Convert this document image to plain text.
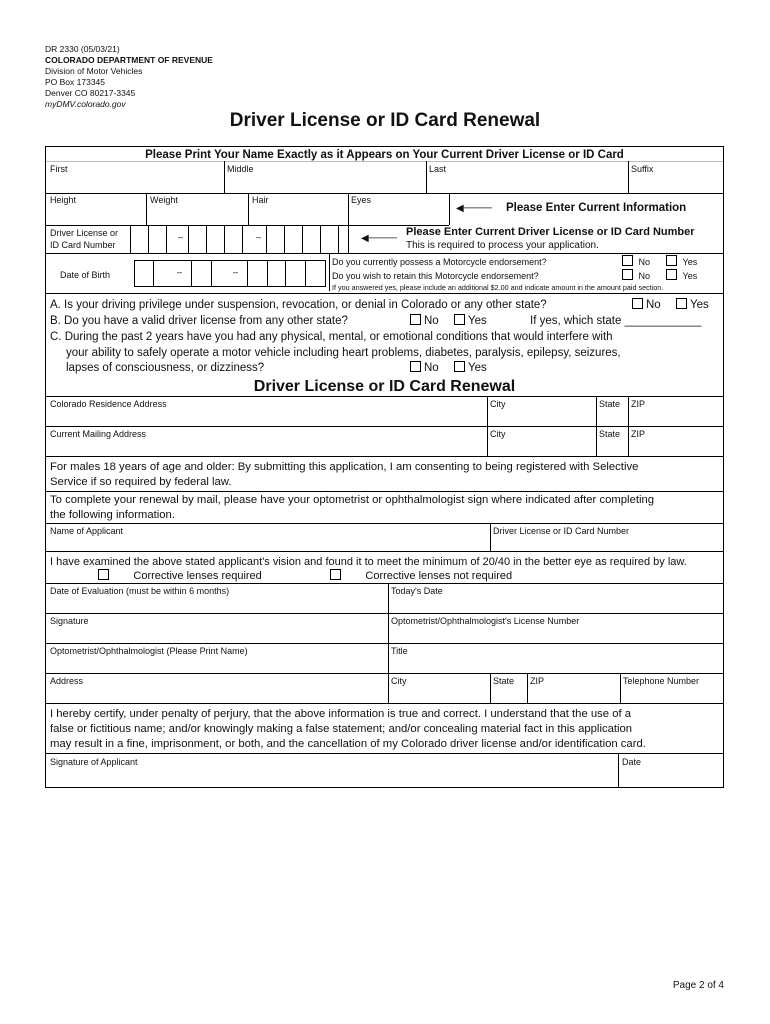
DR 2330 (05/03/21)
COLORADO DEPARTMENT OF REVENUE
Division of Motor Vehicles
PO Box 173345
Denver CO 80217-3345
myDMV.colorado.gov
Driver License or ID Card Renewal
Please Print Your Name Exactly as it Appears on Your Current Driver License or ID Card
First	Middle	Last	Suffix
Height	Weight	Hair	Eyes
◀──── Please Enter Current Information
Driver License or
ID Card Number
–	–	◀────
Please Enter Current Driver License or ID Card Number
This is required to process your application.
Date of Birth	–	–
Do you currently possess a Motorcycle endorsement?	No	Yes
Do you wish to retain this Motorcycle endorsement?	No	Yes
If you answered yes, please include an additional $2.00 and indicate amount in the amount paid section.
A. Is your driving privilege under suspension, revocation, or denial in Colorado or any other state?	No	Yes
B. Do you have a valid driver license from any other state?	No	Yes	If yes, which state ____________
C. During the past 2 years have you had any physical, mental, or emotional conditions that would interfere with
your ability to safely operate a motor vehicle including heart problems, diabetes, paralysis, epilepsy, seizures,
lapses of consciousness, or dizziness?	No	Yes
Driver License or ID Card Renewal
Colorado Residence Address	City	State ZIP
Current Mailing Address	City	State ZIP
For males 18 years of age and older: By submitting this application, I am consenting to being registered with Selective
Service if so required by federal law.
To complete your renewal by mail, please have your optometrist or ophthalmologist sign where indicated after completing
the following information.
Name of Applicant	Driver License or ID Card Number
I have examined the above stated applicant's vision and found it to meet the minimum of 20/40 in the better eye as required by law.
Corrective lenses required	Corrective lenses not required
Date of Evaluation (must be within 6 months)	Today's Date
Signature	Optometrist/Ophthalmologist's License Number
Optometrist/Ophthalmologist (Please Print Name)	Title
Address	City	State ZIP	Telephone Number
I hereby certify, under penalty of perjury, that the above information is true and correct. I understand that the use of a
false or fictitious name; and/or knowingly making a false statement; and/or concealing material fact in this application
may result in a fine, imprisonment, or both, and the cancellation of my Colorado driver license and/or identification card.
Signature of Applicant	Date
Page 2 of 4
